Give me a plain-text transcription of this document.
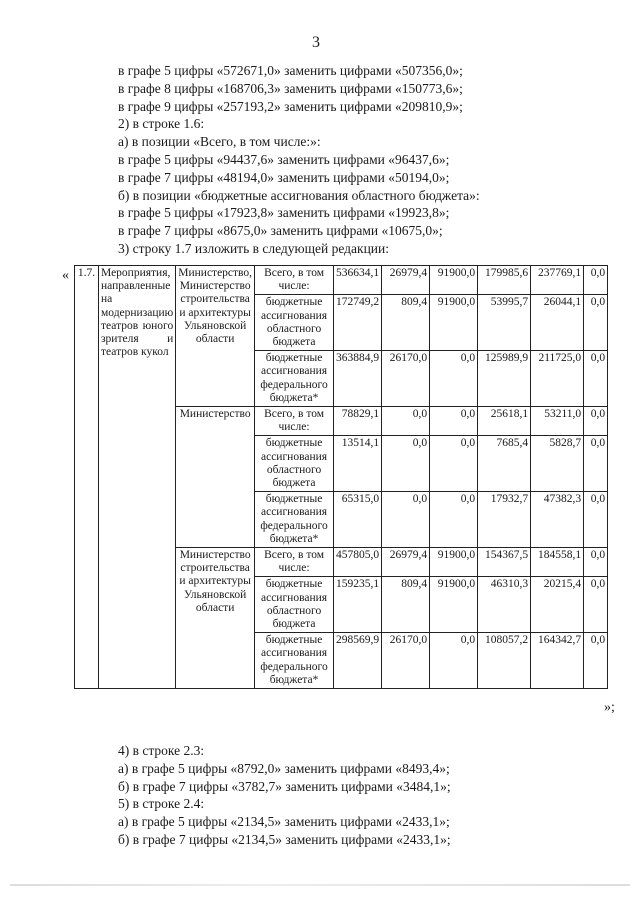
3
в графе 5 цифры «572671,0» заменить цифрами «507356,0»;
в графе 8 цифры «168706,3» заменить цифрами «150773,6»;
в графе 9 цифры «257193,2» заменить цифрами «209810,9»;
2) в строке 1.6:
а) в позиции «Всего, в том числе:»:
в графе 5 цифры «94437,6» заменить цифрами «96437,6»;
в графе 7 цифры «48194,0» заменить цифрами «50194,0»;
б) в позиции «бюджетные ассигнования областного бюджета»:
в графе 5 цифры «17923,8» заменить цифрами «19923,8»;
в графе 7 цифры «8675,0» заменить цифрами «10675,0»;
3) строку 1.7 изложить в следующей редакции:
« 1.7.	Мероприятия, направленные на модернизацию театров юного зрителя и театров кукол	Министерство, Министерство строительства и архитектуры Ульяновской области	Всего, в том числе:	536634,1	26979,4	91900,0	179985,6	237769,1	0,0
			бюджетные ассигнования областного бюджета	172749,2	809,4	91900,0	53995,7	26044,1	0,0
			бюджетные ассигнования федерального бюджета*	363884,9	26170,0	0,0	125989,9	211725,0	0,0
		Министерство	Всего, в том числе:	78829,1	0,0	0,0	25618,1	53211,0	0,0
			бюджетные ассигнования областного бюджета	13514,1	0,0	0,0	7685,4	5828,7	0,0
			бюджетные ассигнования федерального бюджета*	65315,0	0,0	0,0	17932,7	47382,3	0,0
		Министерство строительства и архитектуры Ульяновской области	Всего, в том числе:	457805,0	26979,4	91900,0	154367,5	184558,1	0,0
			бюджетные ассигнования областного бюджета	159235,1	809,4	91900,0	46310,3	20215,4	0,0
			бюджетные ассигнования федерального бюджета*	298569,9	26170,0	0,0	108057,2	164342,7	0,0
»;
4) в строке 2.3:
а) в графе 5 цифры «8792,0» заменить цифрами «8493,4»;
б) в графе 7 цифры «3782,7» заменить цифрами «3484,1»;
5) в строке 2.4:
а) в графе 5 цифры «2134,5» заменить цифрами «2433,1»;
б) в графе 7 цифры «2134,5» заменить цифрами «2433,1»;
